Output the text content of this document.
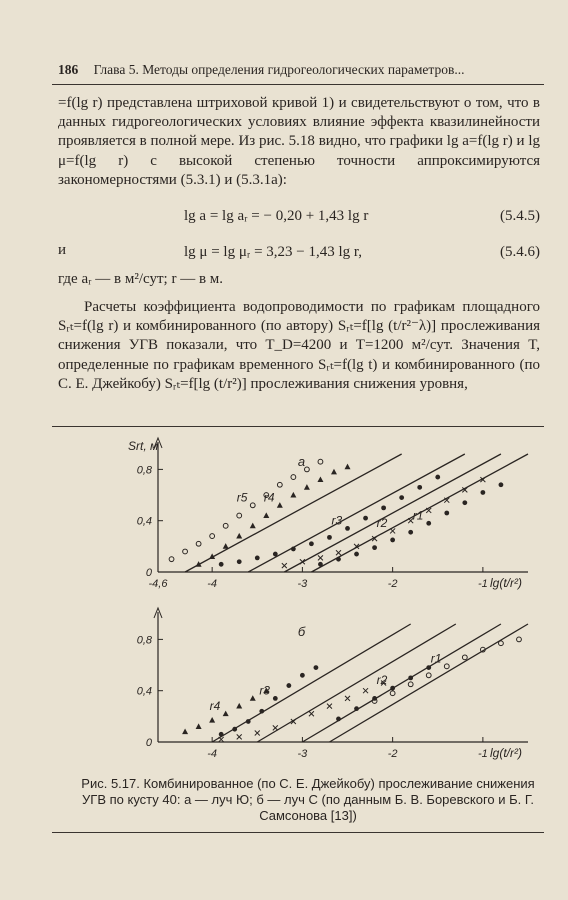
186 Глава 5. Методы определения гидрогеологических параметров...

=f(lg r) представлена штриховой кривой 1) и свидетельствуют о том, что в данных гидрогеологических условиях влияние эффекта квазилинейности проявляется в полной мере. Из рис. 5.18 видно, что графики lg a=f(lg r) и lg μ=f(lg r) с высокой степенью точности аппроксимируются закономерностями (5.3.1) и (5.3.1a):

lg a = lg aᵣ = − 0,20 + 1,43 lg r	(5.4.5)
и	lg μ = lg μᵣ = 3,23 − 1,43 lg r,	(5.4.6)

где aᵣ — в м²/сут; r — в м.

Расчеты коэффициента водопроводимости по графикам площадного Sᵣₜ=f(lg r) и комбинированного (по автору) Sᵣₜ=f[lg (t/r²⁻λ)] прослеживания снижения УГВ показали, что T_D=4200 и T=1200 м²/сут. Значения T, определенные по графикам временного Sᵣₜ=f(lg t) и комбинированного (по С. Е. Джейкобу) Sᵣₜ=f[lg (t/r²)] прослеживания снижения уровня,

0
0,4
0,8
-4,6	-4	-3	-2	-1
Srt, м
lg(t/r²)
а
r5 r4
r3	r2
r1
0
0,4
0,8
-4	-3	-2	-1 lg(t/r²)
б
r4
r3
r2
r1
Рис. 5.17. Комбинированное (по С. Е. Джейкобу) прослеживание снижения УГВ по кусту 40: а — луч Ю; б — луч С (по данным Б. В. Боревского и Б. Г. Самсонова [13])
